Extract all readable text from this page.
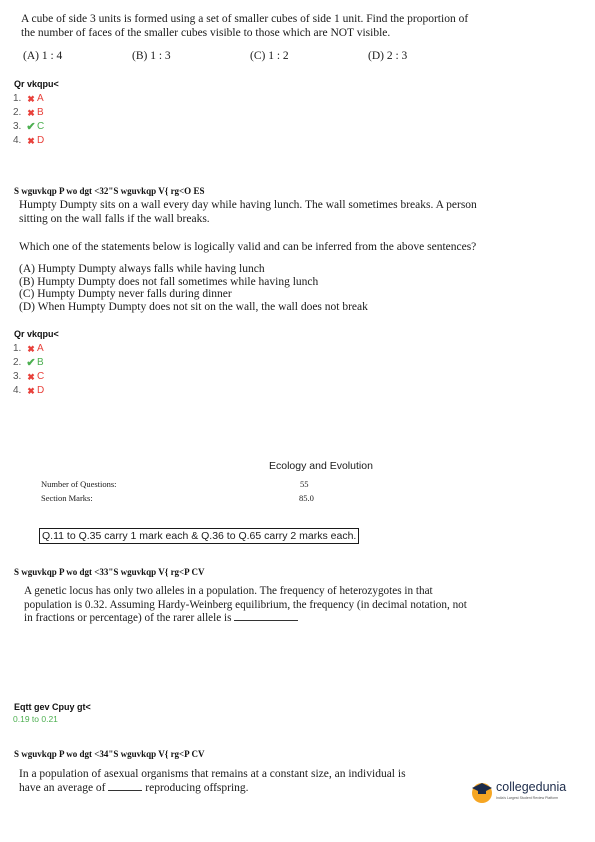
A cube of side 3 units is formed using a set of smaller cubes of side 1 unit. Find the proportion of
the number of faces of the smaller cubes visible to those which are NOT visible.
(A) 1 : 4	(B) 1 : 3	(C) 1 : 2	(D) 2 : 3
Qr vkqpu<
1. ✖ A
2. ✖ B
3. ✔ C
4. ✖ D
S wguvkqp P wo dgt <32"S wguvkqp V{ rg<O ES
Humpty Dumpty sits on a wall every day while having lunch. The wall sometimes breaks. A person
sitting on the wall falls if the wall breaks.
Which one of the statements below is logically valid and can be inferred from the above sentences?
(A) Humpty Dumpty always falls while having lunch
(B) Humpty Dumpty does not fall sometimes while having lunch
(C) Humpty Dumpty never falls during dinner
(D) When Humpty Dumpty does not sit on the wall, the wall does not break
Qr vkqpu<
1. ✖ A
2. ✔ B
3. ✖ C
4. ✖ D
Ecology and Evolution
Number of Questions:	55
Section Marks:	85.0
Q.11 to Q.35 carry 1 mark each & Q.36 to Q.65 carry 2 marks each.
S wguvkqp P wo dgt <33"S wguvkqp V{ rg<P CV
A genetic locus has only two alleles in a population. The frequency of heterozygotes in that
population is 0.32. Assuming Hardy-Weinberg equilibrium, the frequency (in decimal notation, not
in fractions or percentage) of the rarer allele is
Eqtt gev Cpuy gt<
0.19 to 0.21
S wguvkqp P wo dgt <34"S wguvkqp V{ rg<P CV
In a population of asexual organisms that remains at a constant size, an individual is
have an average of	reproducing offspring.	collegedunia
India's Largest Student Review Platform
